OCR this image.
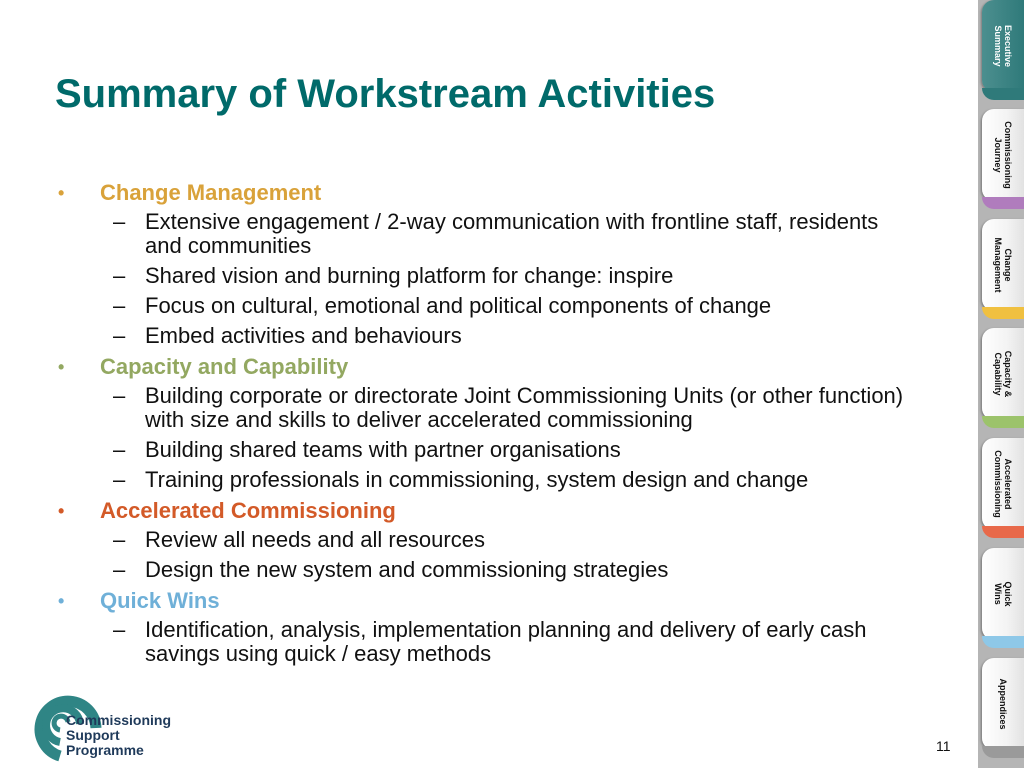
Summary of Workstream Activities
• Change Management
– Extensive engagement / 2-way communication with frontline staff, residents and communities
– Shared vision and burning platform for change: inspire
– Focus on cultural, emotional and political components of change
– Embed activities and behaviours
• Capacity and Capability
– Building corporate or directorate Joint Commissioning Units (or other function) with size and skills to deliver accelerated commissioning
– Building shared teams with partner organisations
– Training professionals in commissioning, system design and change
• Accelerated Commissioning
– Review all needs and all resources
– Design the new system and commissioning strategies
• Quick Wins
– Identification, analysis, implementation planning and delivery of early cash savings using quick / easy methods
Commissioning
Support
Programme	11
Executive
Summary
Commissioning
Journey
Change
Management
Capacity &
Capability
Accelerated
Commissioning
Quick
Wins
Appendices
